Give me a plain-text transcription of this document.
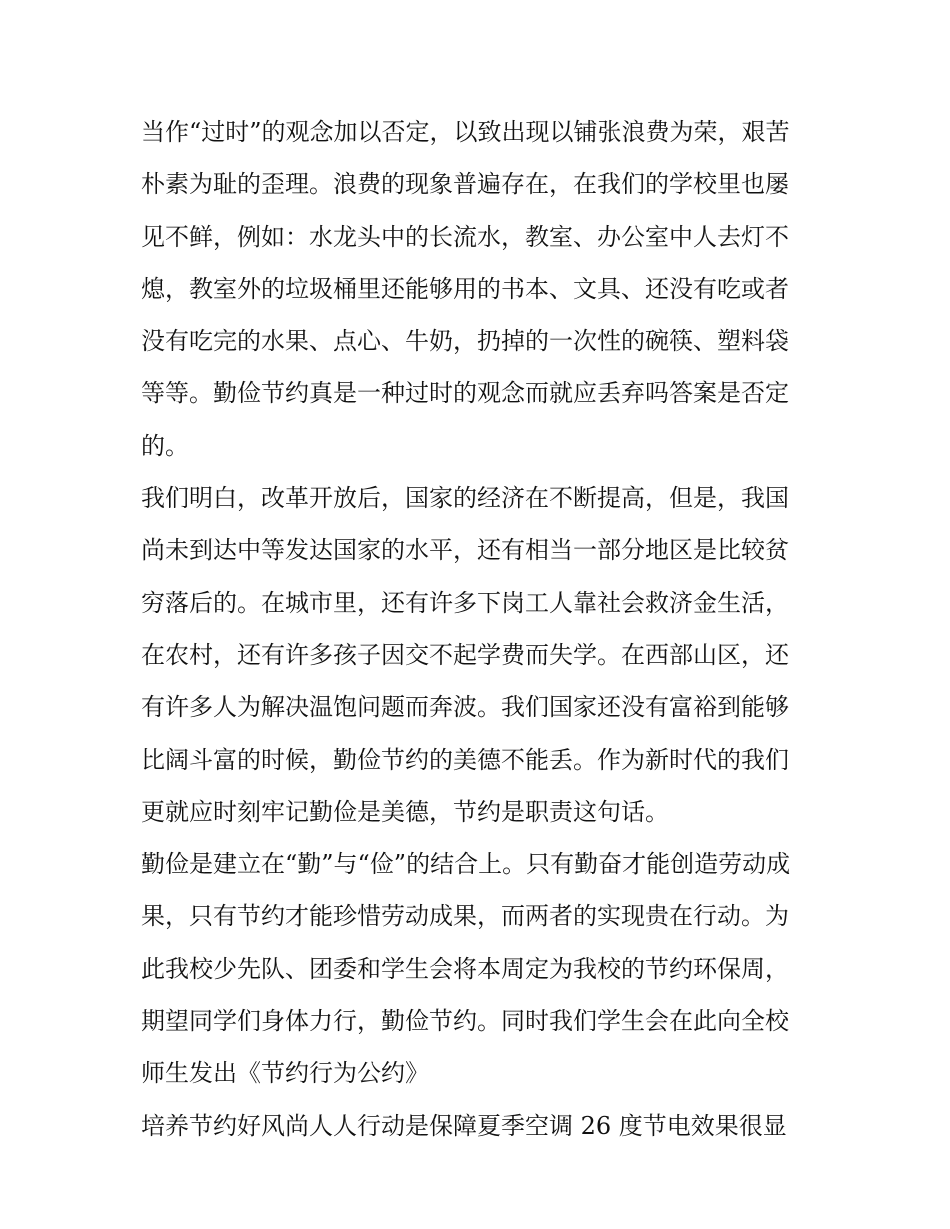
当作“过时”的观念加以否定，以致出现以铺张浪费为荣，艰苦
朴素为耻的歪理。浪费的现象普遍存在，在我们的学校里也屡
见不鲜，例如：水龙头中的长流水，教室、办公室中人去灯不
熄，教室外的垃圾桶里还能够用的书本、文具、还没有吃或者
没有吃完的水果、点心、牛奶，扔掉的一次性的碗筷、塑料袋
等等。勤俭节约真是一种过时的观念而就应丢弃吗答案是否定
的。
我们明白，改革开放后，国家的经济在不断提高，但是，我国
尚未到达中等发达国家的水平，还有相当一部分地区是比较贫
穷落后的。在城市里，还有许多下岗工人靠社会救济金生活，
在农村，还有许多孩子因交不起学费而失学。在西部山区，还
有许多人为解决温饱问题而奔波。我们国家还没有富裕到能够
比阔斗富的时候，勤俭节约的美德不能丢。作为新时代的我们
更就应时刻牢记勤俭是美德，节约是职责这句话。
勤俭是建立在“勤”与“俭”的结合上。只有勤奋才能创造劳动成
果，只有节约才能珍惜劳动成果，而两者的实现贵在行动。为
此我校少先队、团委和学生会将本周定为我校的节约环保周，
期望同学们身体力行，勤俭节约。同时我们学生会在此向全校
师生发出《节约行为公约》
培养节约好风尚人人行动是保障夏季空调 26 度节电效果很显
